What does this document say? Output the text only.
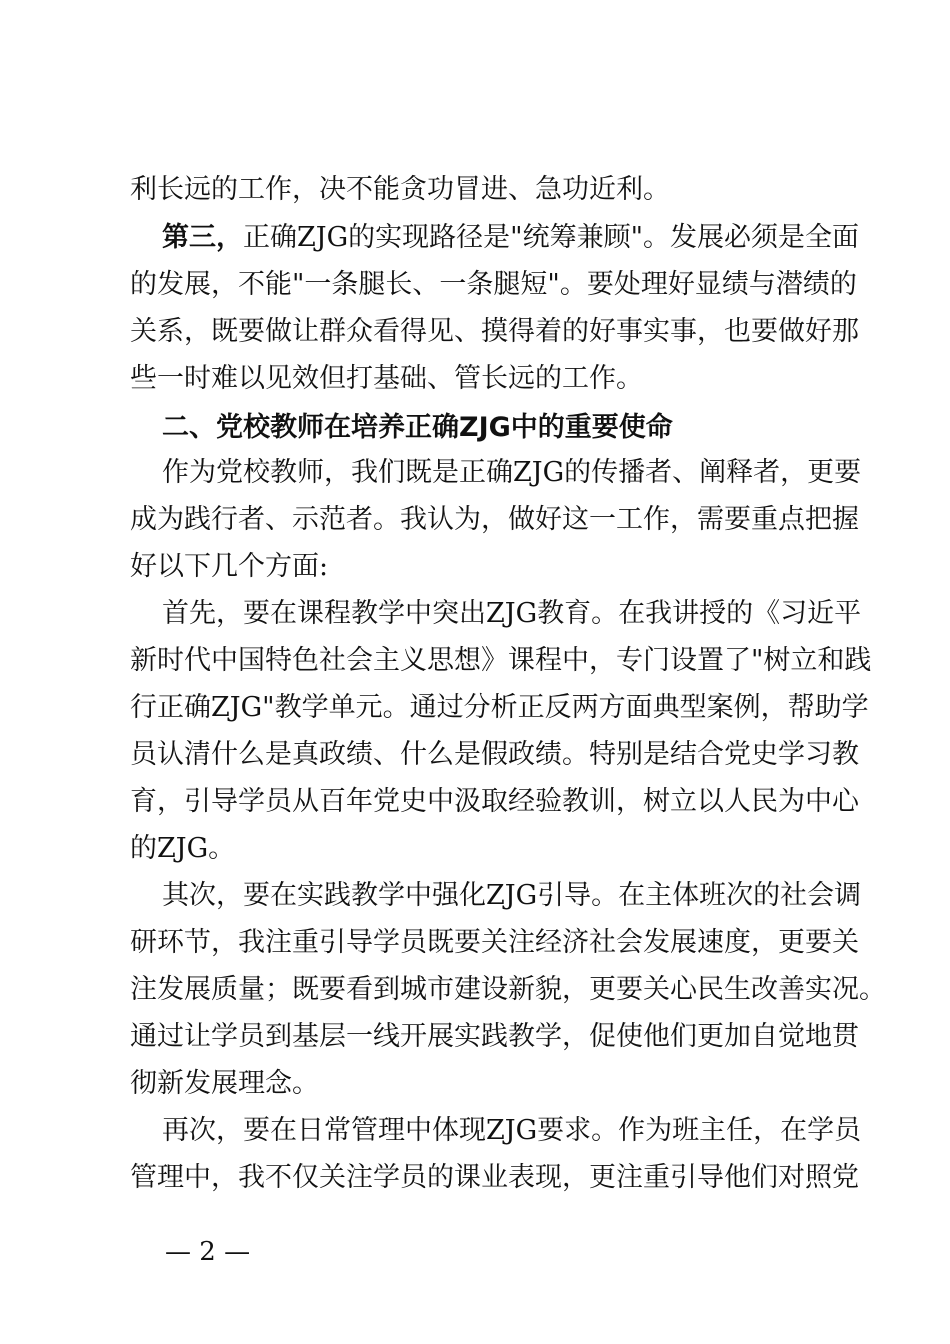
利长远的工作，决不能贪功冒进、急功近利。

第三，正确ZJG的实现路径是"统筹兼顾"。发展必须是全面

的发展，不能"一条腿长、一条腿短"。要处理好显绩与潜绩的

关系，既要做让群众看得见、摸得着的好事实事，也要做好那

些一时难以见效但打基础、管长远的工作。

二、党校教师在培养正确ZJG中的重要使命

作为党校教师，我们既是正确ZJG的传播者、阐释者，更要

成为践行者、示范者。我认为，做好这一工作，需要重点把握

好以下几个方面:

首先，要在课程教学中突出ZJG教育。在我讲授的《习近平

新时代中国特色社会主义思想》课程中，专门设置了"树立和践

行正确ZJG"教学单元。通过分析正反两方面典型案例，帮助学

员认清什么是真政绩、什么是假政绩。特别是结合党史学习教

育，引导学员从百年党史中汲取经验教训，树立以人民为中心

的ZJG。

其次，要在实践教学中强化ZJG引导。在主体班次的社会调

研环节，我注重引导学员既要关注经济社会发展速度，更要关

注发展质量；既要看到城市建设新貌，更要关心民生改善实况。

通过让学员到基层一线开展实践教学，促使他们更加自觉地贯

彻新发展理念。

再次，要在日常管理中体现ZJG要求。作为班主任，在学员

管理中，我不仅关注学员的课业表现，更注重引导他们对照党

— 2 —
